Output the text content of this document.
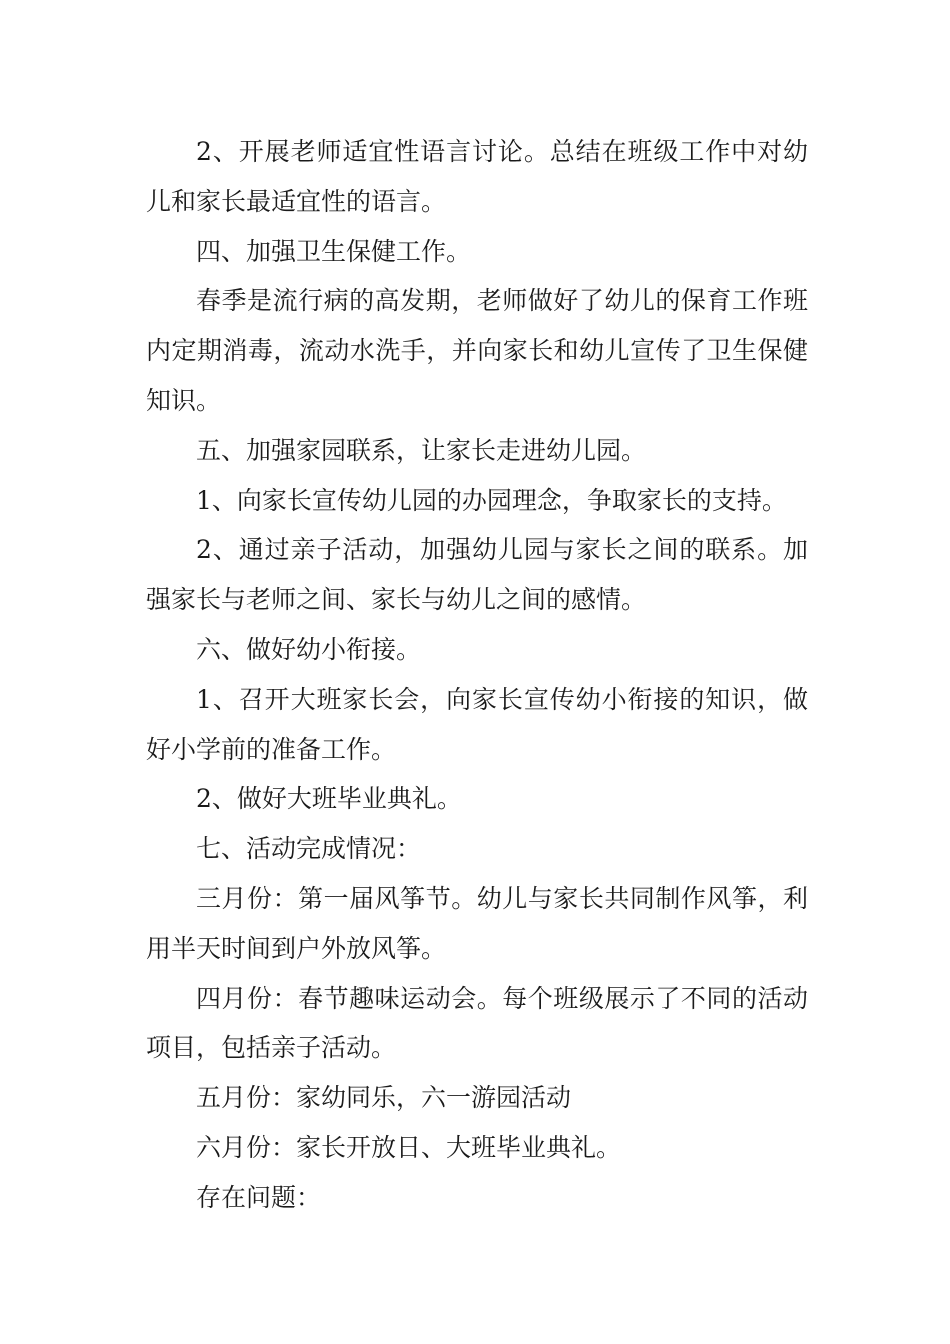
2、开展老师适宜性语言讨论。总结在班级工作中对幼儿和家长最适宜性的语言。

四、加强卫生保健工作。

春季是流行病的高发期，老师做好了幼儿的保育工作班内定期消毒，流动水洗手，并向家长和幼儿宣传了卫生保健知识。

五、加强家园联系，让家长走进幼儿园。

1、向家长宣传幼儿园的办园理念，争取家长的支持。

2、通过亲子活动，加强幼儿园与家长之间的联系。加强家长与老师之间、家长与幼儿之间的感情。

六、做好幼小衔接。

1、召开大班家长会，向家长宣传幼小衔接的知识，做好小学前的准备工作。

2、做好大班毕业典礼。

七、活动完成情况：

三月份：第一届风筝节。幼儿与家长共同制作风筝，利用半天时间到户外放风筝。

四月份：春节趣味运动会。每个班级展示了不同的活动项目，包括亲子活动。

五月份：家幼同乐，六一游园活动

六月份：家长开放日、大班毕业典礼。

存在问题：
